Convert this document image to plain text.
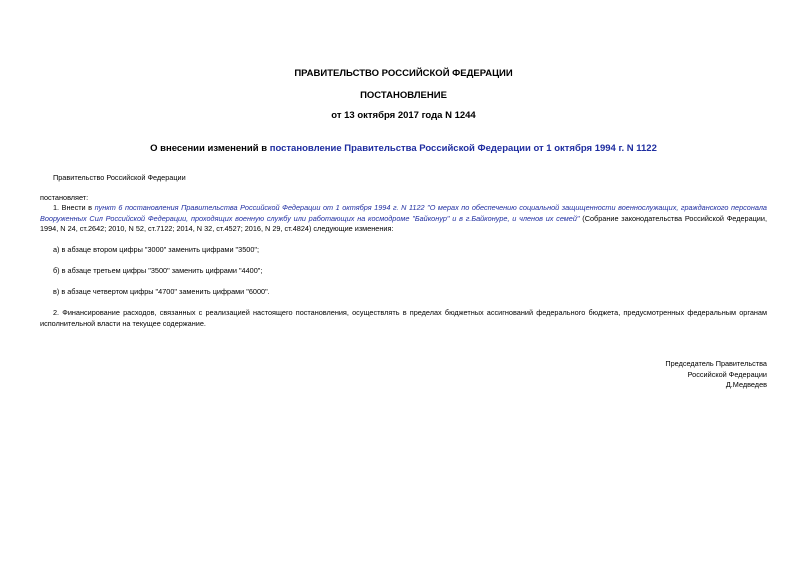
ПРАВИТЕЛЬСТВО РОССИЙСКОЙ ФЕДЕРАЦИИ
ПОСТАНОВЛЕНИЕ
от 13 октября 2017 года N 1244
О внесении изменений в постановление Правительства Российской Федерации от 1 октября 1994 г. N 1122
Правительство Российской Федерации
постановляет:
1. Внести в пункт 6 постановления Правительства Российской Федерации от 1 октября 1994 г. N 1122 "О мерах по обеспечению социальной защищенности военнослужащих, гражданского персонала Вооруженных Сил Российской Федерации, проходящих военную службу или работающих на космодроме "Байконур" и в г.Байконуре, и членов их семей" (Собрание законодательства Российской Федерации, 1994, N 24, ст.2642; 2010, N 52, ст.7122; 2014, N 32, ст.4527; 2016, N 29, ст.4824) следующие изменения:
а) в абзаце втором цифры "3000" заменить цифрами "3500";
б) в абзаце третьем цифры "3500" заменить цифрами "4400";
в) в абзаце четвертом цифры "4700" заменить цифрами "6000".
2. Финансирование расходов, связанных с реализацией настоящего постановления, осуществлять в пределах бюджетных ассигнований федерального бюджета, предусмотренных федеральным органам исполнительной власти на текущее содержание.
Председатель Правительства
Российской Федерации
Д.Медведев
